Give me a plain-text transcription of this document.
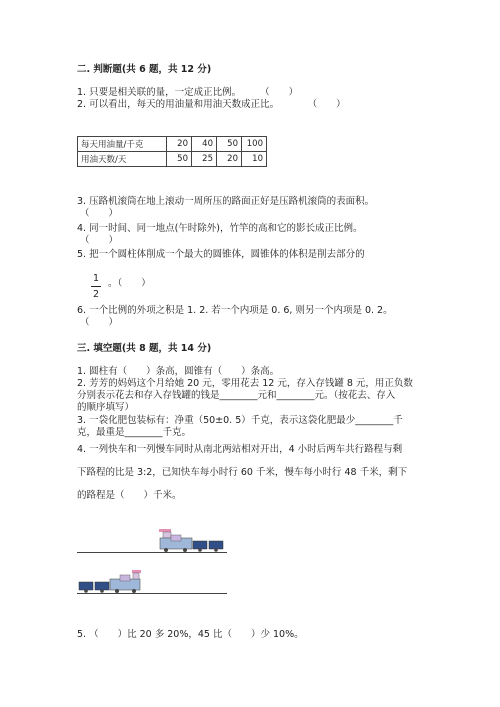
二. 判断题(共 6 题，共 12 分)
1. 只要是相关联的量，一定成正比例。　　　（　　）
2. 可以看出，每天的用油量和用油天数成正比。　　　　（　　）
每天用油量/千克	20	40	50	100
用油天数/天	50	25	20	10
3. 压路机滚筒在地上滚动一周所压的路面正好是压路机滚筒的表面积。
（　　）
4. 同一时间、同一地点(午时除外)，竹竿的高和它的影长成正比例。
（　　）
5. 把一个圆柱体削成一个最大的圆锥体，圆锥体的体积是削去部分的
1
2
。（　　）
6. 一个比例的外项之积是 1. 2. 若一个内项是 0. 6, 则另一个内项是 0. 2。
（　　）
三. 填空题(共 8 题，共 14 分)
1. 圆柱有（　　）条高，圆锥有（　　）条高。
2. 芳芳的妈妈这个月给她 20 元，零用花去 12 元，存入存钱罐 8 元，用正负数
分别表示花去和存入存钱罐的钱是________元和________元。（按花去、存入
的顺序填写）
3. 一袋化肥包装标有：净重（50±0. 5）千克，表示这袋化肥最少________千
克，最重是________千克。
4. 一列快车和一列慢车同时从南北两站相对开出，4 小时后两车共行路程与剩
下路程的比是 3:2，已知快车每小时行 60 千米，慢车每小时行 48 千米，剩下
的路程是（　　）千米。
5. （　　）比 20 多 20%，45 比（　　）少 10%。
